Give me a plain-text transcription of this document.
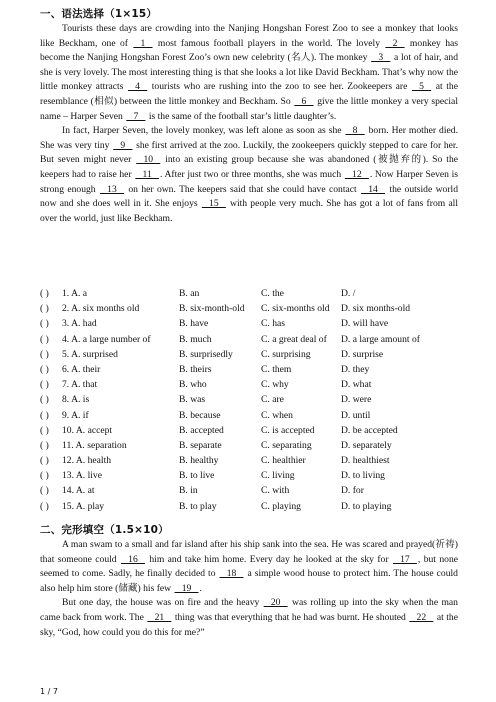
一、语法选择（1×15）

Tourists these days are crowding into the Nanjing Hongshan Forest Zoo to see a monkey that looks like Beckham, one of    1    most famous football players in the world. The lovely    2    monkey has become the Nanjing Hongshan Forest Zoo’s own new celebrity (名人). The monkey    3    a lot of hair, and she is very lovely. The most interesting thing is that she looks a lot like David Beckham. That’s why now the little monkey attracts    4    tourists who are rushing into the zoo to see her. Zookeepers are    5    at the resemblance (相似) between the little monkey and Beckham. So    6    give the little monkey a very special name – Harper Seven    7    is the same of the football star’s little daughter’s.

In fact, Harper Seven, the lovely monkey, was left alone as soon as she    8    born. Her mother died. She was very tiny    9    she first arrived at the zoo. Luckily, the zookeepers quickly stepped to care for her. But seven might never    10    into an existing group because she was abandoned (被抛弃的). So the keepers had to raise her    11   . After just two or three months, she was much    12   . Now Harper Seven is strong enough    13    on her own. The keepers said that she could have contact    14    the outside world now and she does well in it. She enjoys    15    with people very much. She has got a lot of fans from all over the world, just like Beckham.

( )	1. A. a	B. an	C. the	D. /
( )	2. A. six months old	B. six-month-old	C. six-months old	D. six months-old
( )	3. A. had	B. have	C. has	D. will have
( )	4. A. a large number of	B. much	C. a great deal of	D. a large amount of
( )	5. A. surprised	B. surprisedly	C. surprising	D. surprise
( )	6. A. their	B. theirs	C. them	D. they
( )	7. A. that	B. who	C. why	D. what
( )	8. A. is	B. was	C. are	D. were
( )	9. A. if	B. because	C. when	D. until
( )	10. A. accept	B. accepted	C. is accepted	D. be accepted
( )	11. A. separation	B. separate	C. separating	D. separately
( )	12. A. health	B. healthy	C. healthier	D. healthiest
( )	13. A. live	B. to live	C. living	D. to living
( )	14. A. at	B. in	C. with	D. for
( )	15. A. play	B. to play	C. playing	D. to playing
二、完形填空（1.5×10）

A man swam to a small and far island after his ship sank into the sea. He was scared and prayed(祈祷) that someone could    16    him and take him home. Every day he looked at the sky for    17   , but none seemed to come. Sadly, he finally decided to    18    a simple wood house to protect him. The house could also help him store (储藏) his few    19   .

But one day, the house was on fire and the heavy    20    was rolling up into the sky when the man came back from work. The    21    thing was that everything that he had was burnt. He shouted    22    at the sky, “God, how could you do this for me?”

1 / 7
